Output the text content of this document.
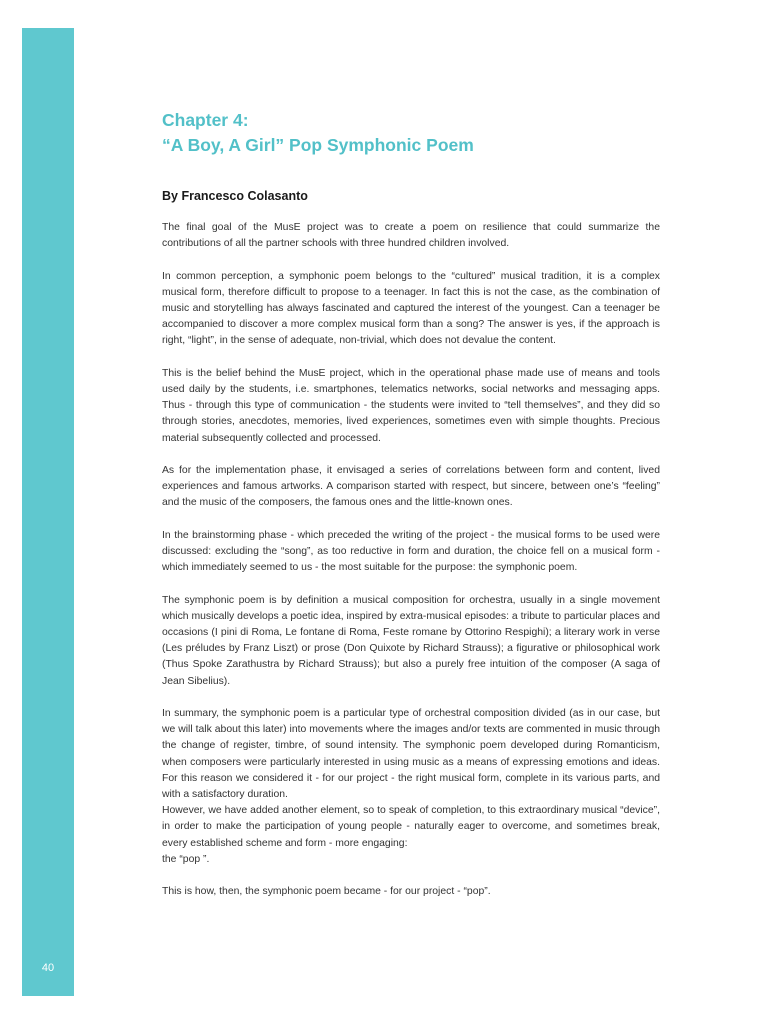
40
Chapter 4:
“A Boy, A Girl” Pop Symphonic Poem

By Francesco Colasanto

The final goal of the MusE project was to create a poem on resilience that could summarize the contributions of all the partner schools with three hundred children involved.

In common perception, a symphonic poem belongs to the “cultured” musical tradition, it is a complex musical form, therefore difficult to propose to a teenager. In fact this is not the case, as the combination of music and storytelling has always fascinated and captured the interest of the youngest. Can a teenager be accompanied to discover a more complex musical form than a song? The answer is yes, if the approach is right, “light”, in the sense of adequate, non-trivial, which does not devalue the content.

This is the belief behind the MusE project, which in the operational phase made use of means and tools used daily by the students, i.e. smartphones, telematics networks, social networks and messaging apps. Thus - through this type of communication - the students were invited to “tell themselves”, and they did so through stories, anecdotes, memories, lived experiences, sometimes even with simple thoughts. Precious material subsequently collected and processed.

As for the implementation phase, it envisaged a series of correlations between form and content, lived experiences and famous artworks. A comparison started with respect, but sincere, between one’s “feeling” and the music of the composers, the famous ones and the little-known ones.

In the brainstorming phase - which preceded the writing of the project - the musical forms to be used were discussed: excluding the “song”, as too reductive in form and duration, the choice fell on a musical form - which immediately seemed to us - the most suitable for the purpose: the symphonic poem.

The symphonic poem is by definition a musical composition for orchestra, usually in a single movement which musically develops a poetic idea, inspired by extra-musical episodes: a tribute to particular places and occasions (I pini di Roma, Le fontane di Roma, Feste romane by Ottorino Respighi); a literary work in verse (Les préludes by Franz Liszt) or prose (Don Quixote by Richard Strauss); a figurative or philosophical work (Thus Spoke Zarathustra by Richard Strauss); but also a purely free intuition of the composer (A saga of Jean Sibelius).

In summary, the symphonic poem is a particular type of orchestral composition divided (as in our case, but we will talk about this later) into movements where the images and/or texts are commented in music through the change of register, timbre, of sound intensity. The symphonic poem developed during Romanticism, when composers were particularly interested in using music as a means of expressing emotions and ideas. For this reason we considered it - for our project - the right musical form, complete in its various parts, and with a satisfactory duration.

However, we have added another element, so to speak of completion, to this extraordinary musical “device”, in order to make the participation of young people - naturally eager to overcome, and sometimes break, every established scheme and form - more engaging:

the “pop ”.

This is how, then, the symphonic poem became - for our project - “pop”.
